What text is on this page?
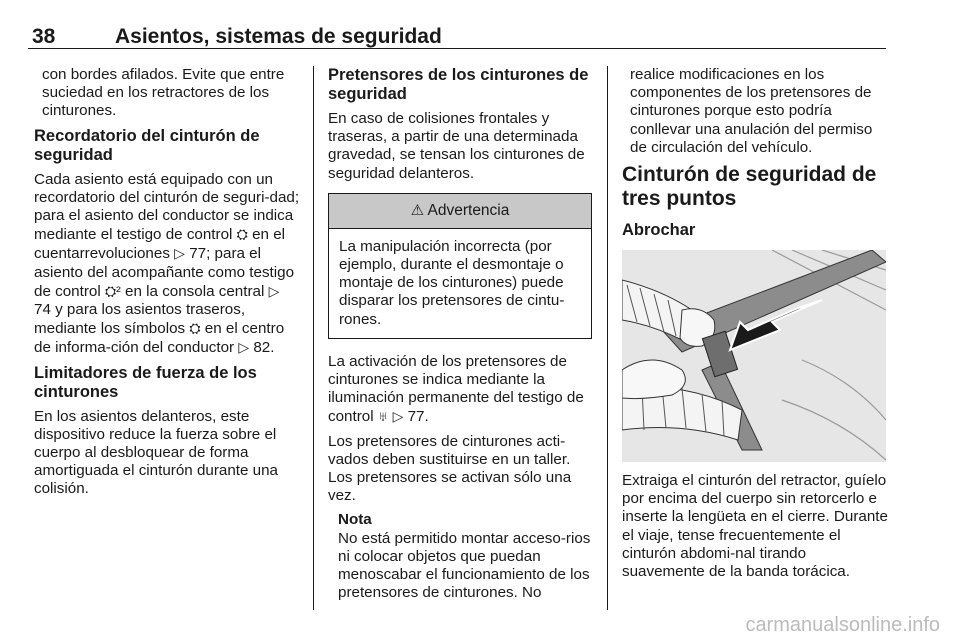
38	Asientos, sistemas de seguridad

con bordes afilados. Evite que entre suciedad en los retractores de los cinturones.

Recordatorio del cinturón de seguridad

Cada asiento está equipado con un recordatorio del cinturón de seguri-dad; para el asiento del conductor se indica mediante el testigo de control ⛭ en el cuentarrevoluciones ▷ 77; para el asiento del acompañante como testigo de control ⛭² en la consola central ▷ 74 y para los asientos traseros, mediante los símbolos ⛭ en el centro de informa-ción del conductor ▷ 82.

Limitadores de fuerza de los cinturones

En los asientos delanteros, este dispositivo reduce la fuerza sobre el cuerpo al desbloquear de forma amortiguada el cinturón durante una colisión.

Pretensores de los cinturones de seguridad

En caso de colisiones frontales y traseras, a partir de una determinada gravedad, se tensan los cinturones de seguridad delanteros.

⚠ Advertencia

La manipulación incorrecta (por ejemplo, durante el desmontaje o montaje de los cinturones) puede disparar los pretensores de cintu-rones.

La activación de los pretensores de cinturones se indica mediante la iluminación permanente del testigo de control ♅ ▷ 77.

Los pretensores de cinturones acti-vados deben sustituirse en un taller. Los pretensores se activan sólo una vez.

Nota

No está permitido montar acceso-rios ni colocar objetos que puedan menoscabar el funcionamiento de los pretensores de cinturones. No

realice modificaciones en los componentes de los pretensores de cinturones porque esto podría conllevar una anulación del permiso de circulación del vehículo.

Cinturón de seguridad de tres puntos
Abrochar

Extraiga el cinturón del retractor, guíelo por encima del cuerpo sin retorcerlo e inserte la lengüeta en el cierre. Durante el viaje, tense frecuentemente el cinturón abdomi-nal tirando suavemente de la banda torácica.

carmanualsonline.info
